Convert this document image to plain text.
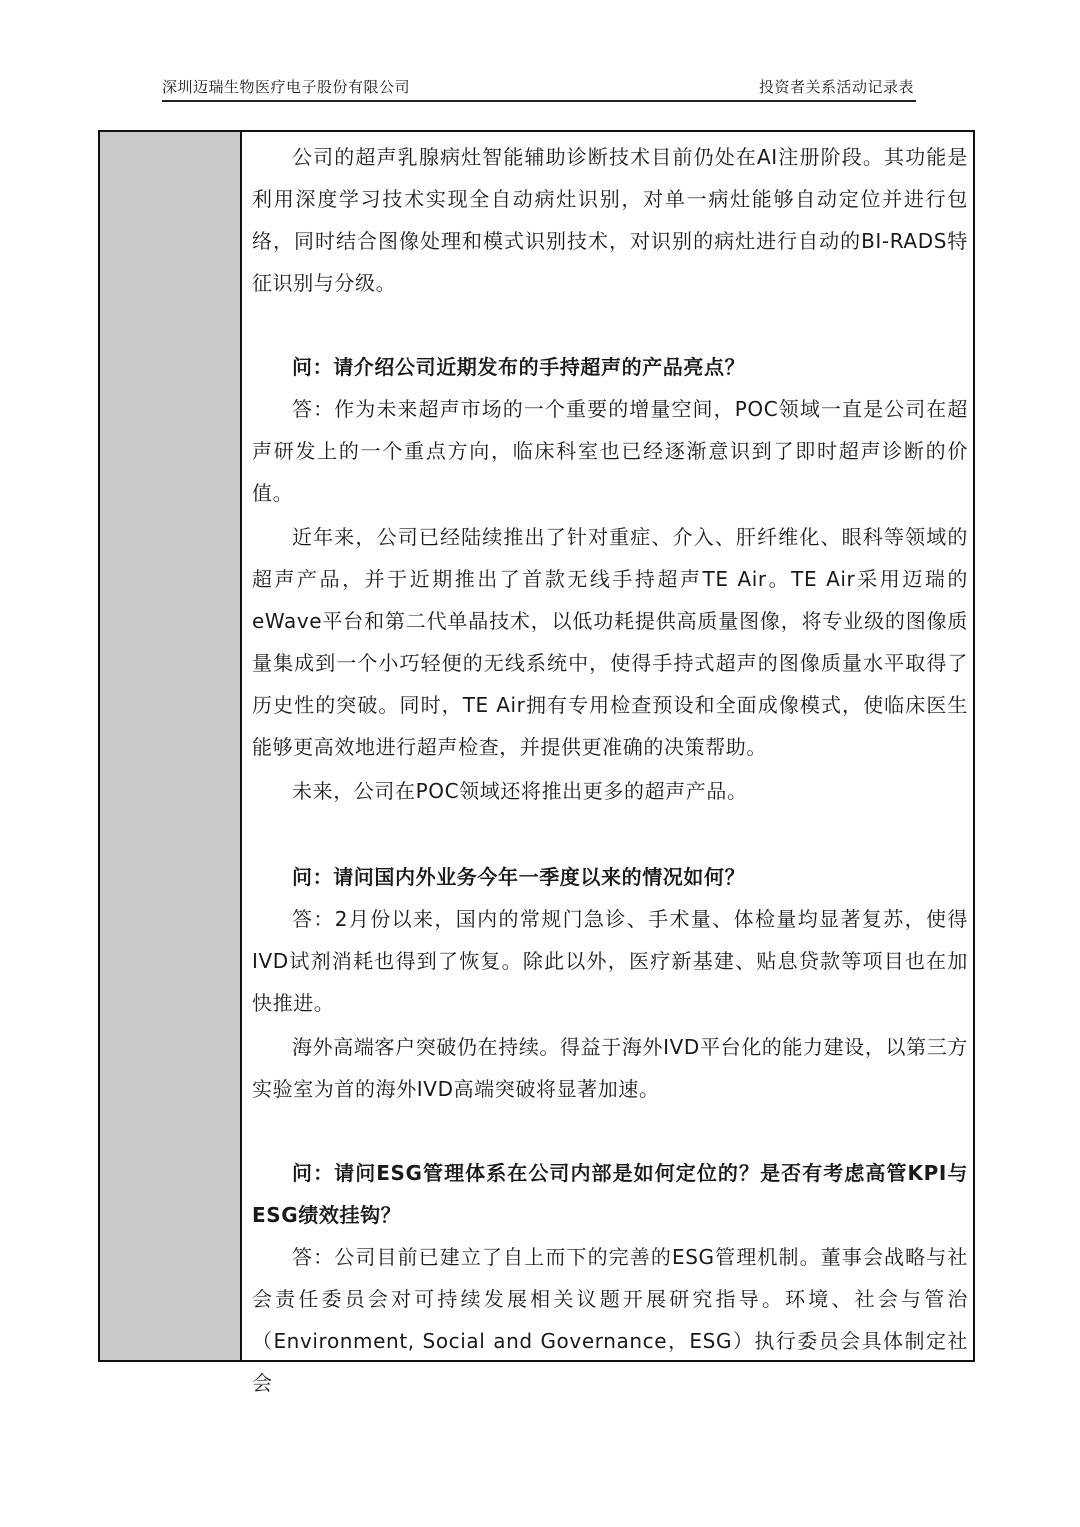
深圳迈瑞生物医疗电子股份有限公司	投资者关系活动记录表

公司的超声乳腺病灶智能辅助诊断技术目前仍处在AI注册阶段。其功能是利用深度学习技术实现全自动病灶识别，对单一病灶能够自动定位并进行包络，同时结合图像处理和模式识别技术，对识别的病灶进行自动的BI-RADS特征识别与分级。

问：请介绍公司近期发布的手持超声的产品亮点？

答：作为未来超声市场的一个重要的增量空间，POC领域一直是公司在超声研发上的一个重点方向，临床科室也已经逐渐意识到了即时超声诊断的价值。

近年来，公司已经陆续推出了针对重症、介入、肝纤维化、眼科等领域的超声产品，并于近期推出了首款无线手持超声TE Air。TE Air采用迈瑞的eWave平台和第二代单晶技术，以低功耗提供高质量图像，将专业级的图像质量集成到一个小巧轻便的无线系统中，使得手持式超声的图像质量水平取得了历史性的突破。同时，TE Air拥有专用检查预设和全面成像模式，使临床医生能够更高效地进行超声检查，并提供更准确的决策帮助。

未来，公司在POC领域还将推出更多的超声产品。

问：请问国内外业务今年一季度以来的情况如何？

答：2月份以来，国内的常规门急诊、手术量、体检量均显著复苏，使得IVD试剂消耗也得到了恢复。除此以外，医疗新基建、贴息贷款等项目也在加快推进。

海外高端客户突破仍在持续。得益于海外IVD平台化的能力建设，以第三方实验室为首的海外IVD高端突破将显著加速。

问：请问ESG管理体系在公司内部是如何定位的？是否有考虑高管KPI与ESG绩效挂钩？

答：公司目前已建立了自上而下的完善的ESG管理机制。董事会战略与社会责任委员会对可持续发展相关议题开展研究指导。环境、社会与管治（Environment, Social and Governance，ESG）执行委员会具体制定社会
